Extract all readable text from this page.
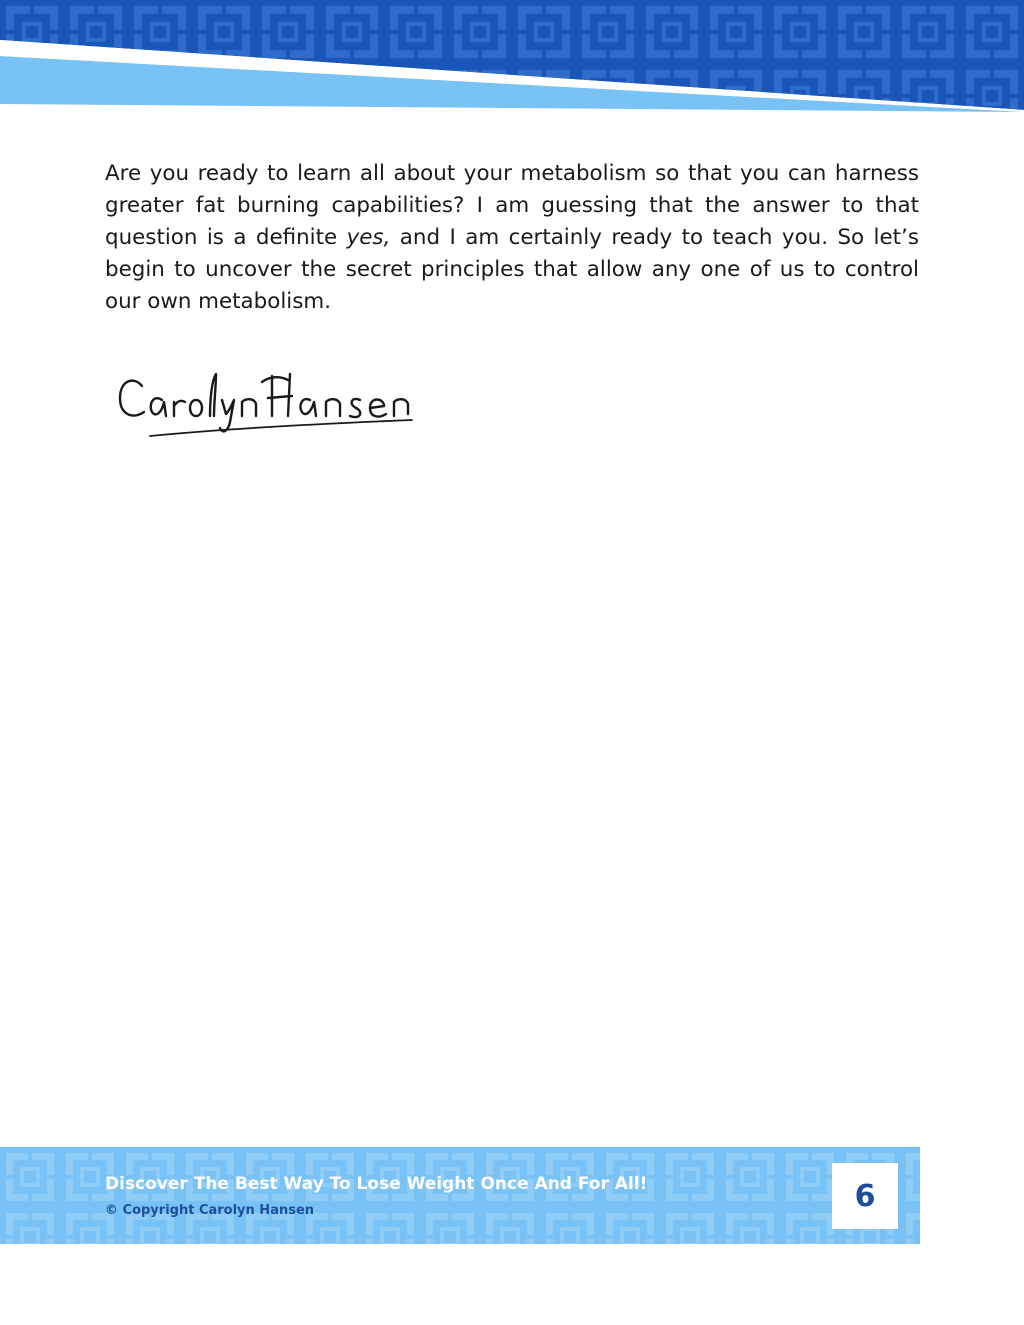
Are you ready to learn all about your metabolism so that you can harness greater fat burning capabilities? I am guessing that the answer to that question is a definite yes, and I am certainly ready to teach you. So let’s begin to uncover the secret principles that allow any one of us to control our own metabolism.

Discover The Best Way To Lose Weight Once And For All!

© Copyright Carolyn Hansen	6
